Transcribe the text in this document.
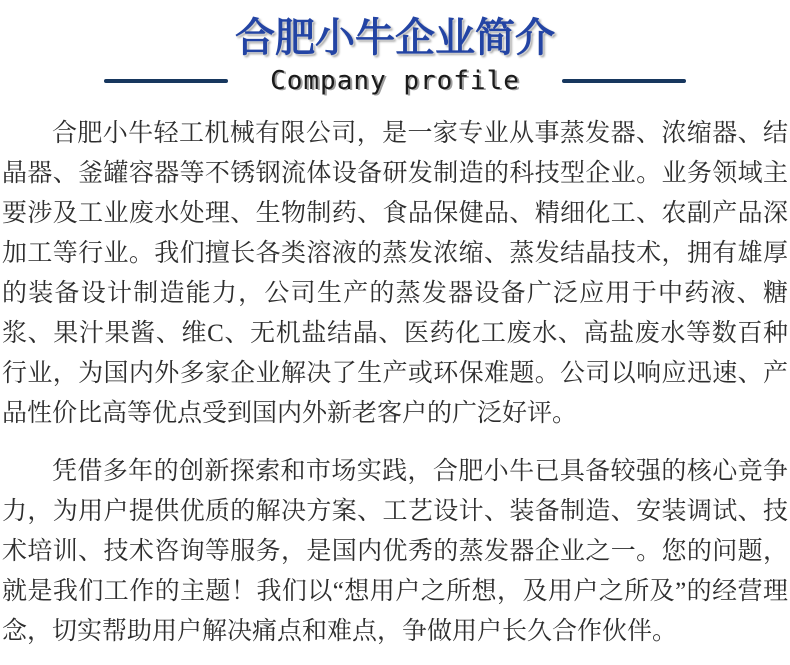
合肥小牛企业简介
Company profile

合肥小牛轻工机械有限公司，是一家专业从事蒸发器、浓缩器、结晶器、釜罐容器等不锈钢流体设备研发制造的科技型企业。业务领域主要涉及工业废水处理、生物制药、食品保健品、精细化工、农副产品深加工等行业。我们擅长各类溶液的蒸发浓缩、蒸发结晶技术，拥有雄厚的装备设计制造能力，公司生产的蒸发器设备广泛应用于中药液、糖浆、果汁果酱、维C、无机盐结晶、医药化工废水、高盐废水等数百种行业，为国内外多家企业解决了生产或环保难题。公司以响应迅速、产品性价比高等优点受到国内外新老客户的广泛好评。

凭借多年的创新探索和市场实践，合肥小牛已具备较强的核心竞争力，为用户提供优质的解决方案、工艺设计、装备制造、安装调试、技术培训、技术咨询等服务，是国内优秀的蒸发器企业之一。您的问题，就是我们工作的主题！我们以“想用户之所想，及用户之所及”的经营理念，切实帮助用户解决痛点和难点，争做用户长久合作伙伴。
